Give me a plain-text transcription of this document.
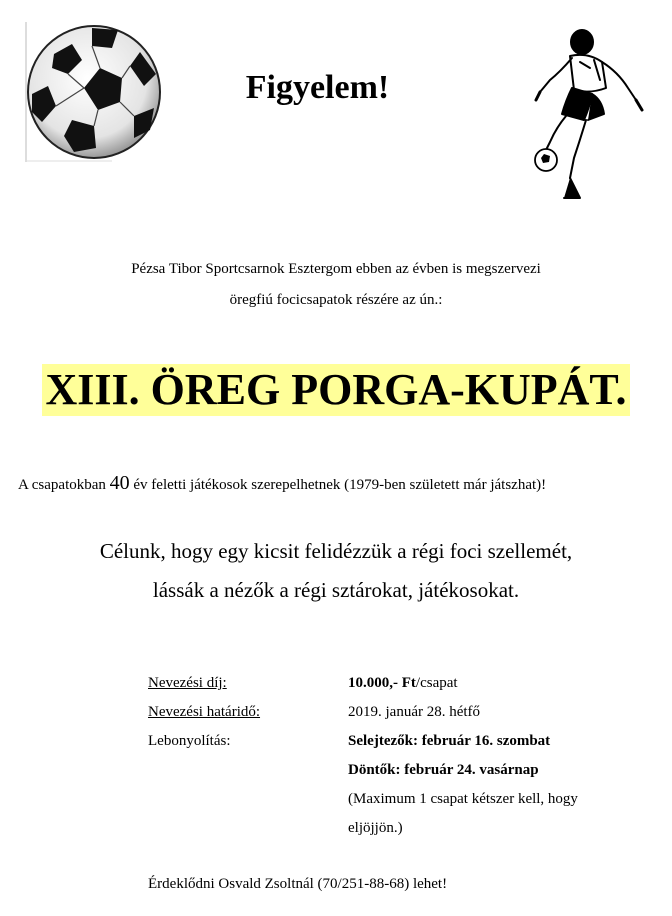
Figyelem!
Pézsa Tibor Sportcsarnok Esztergom ebben az évben is megszervezi
öregfiú focicsapatok részére az ún.:
XIII. ÖREG PORGA-KUPÁT.
A csapatokban 40 év feletti játékosok szerepelhetnek (1979-ben született már játszhat)!
Célunk, hogy egy kicsit felidézzük a régi foci szellemét,
lássák a nézők a régi sztárokat, játékosokat.
Nevezési díj:	10.000,- Ft/csapat
Nevezési határidő:	2019. január 28. hétfő
Lebonyolítás:	Selejtezők: február 16. szombat
Döntők: február 24. vasárnap
(Maximum 1 csapat kétszer kell, hogy
eljöjjön.)
Érdeklődni Osvald Zsoltnál (70/251-88-68) lehet!
